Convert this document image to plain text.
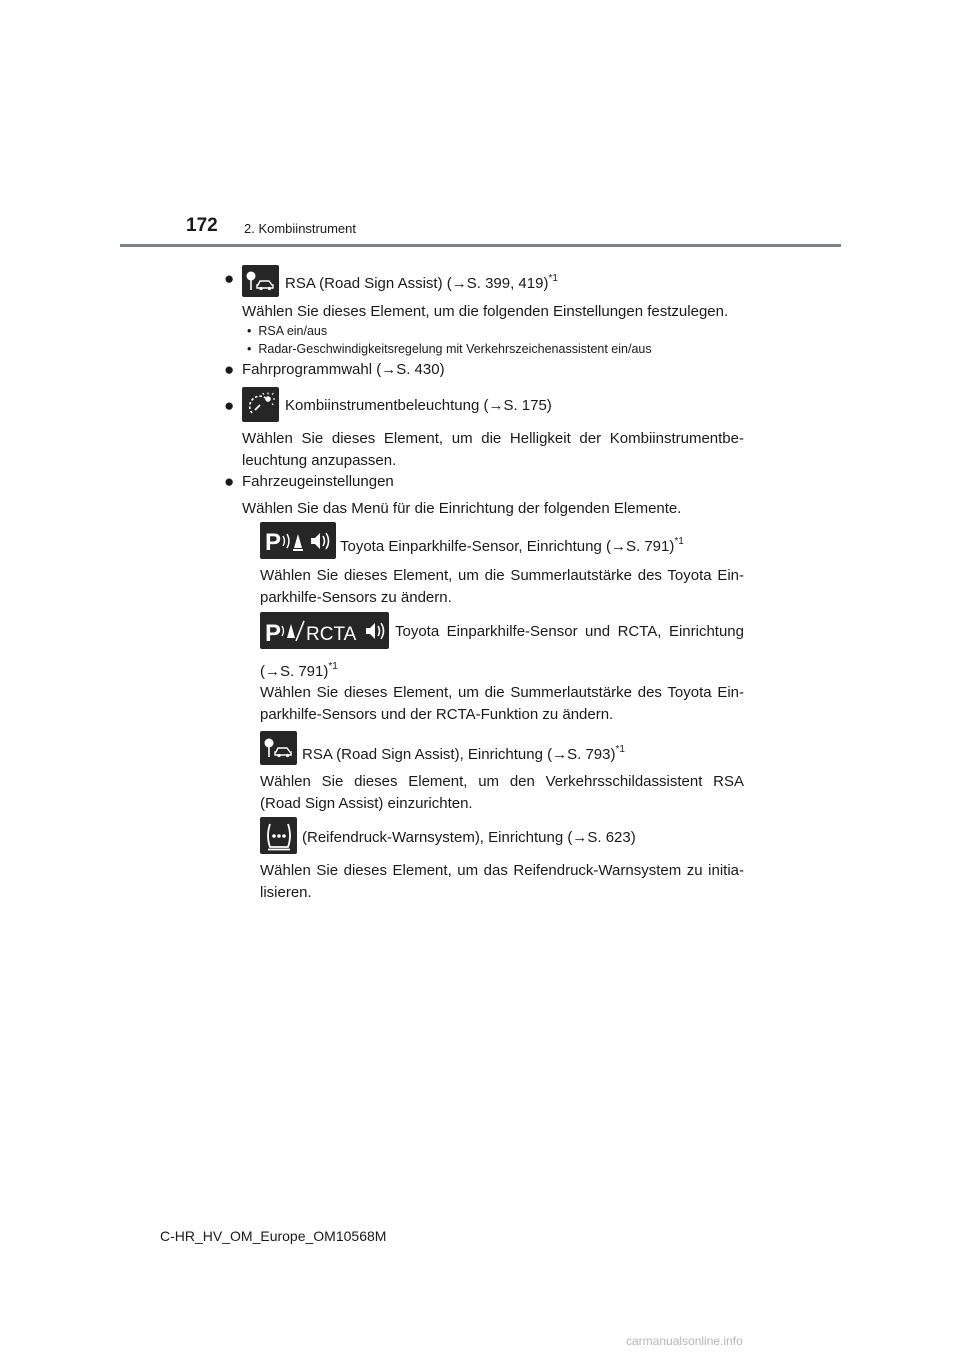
172 2. Kombiinstrument
●	RSA (Road Sign Assist) (→S. 399, 419)$^{*1}$
Wählen Sie dieses Element, um die folgenden Einstellungen festzulegen.
• RSA ein/aus
• Radar-Geschwindigkeitsregelung mit Verkehrszeichenassistent ein/aus
● Fahrprogrammwahl (→S. 430)
●	Kombiinstrumentbeleuchtung (→S. 175)
Wählen Sie dieses Element, um die Helligkeit der Kombiinstrumentbe-
leuchtung anzupassen.
● Fahrzeugeinstellungen
Wählen Sie das Menü für die Einrichtung der folgenden Elemente.
P	Toyota Einparkhilfe-Sensor, Einrichtung (→S. 791)$^{*1}$
Wählen Sie dieses Element, um die Summerlautstärke des Toyota Ein-
parkhilfe-Sensors zu ändern.
P RCTA	Toyota Einparkhilfe-Sensor und RCTA, Einrichtung
(→S. 791)$^{*1}$
Wählen Sie dieses Element, um die Summerlautstärke des Toyota Ein-
parkhilfe-Sensors und der RCTA-Funktion zu ändern.
RSA (Road Sign Assist), Einrichtung (→S. 793)$^{*1}$
Wählen Sie dieses Element, um den Verkehrsschildassistent RSA
(Road Sign Assist) einzurichten.
(Reifendruck-Warnsystem), Einrichtung (→S. 623)
Wählen Sie dieses Element, um das Reifendruck-Warnsystem zu initia-
lisieren.
C-HR_HV_OM_Europe_OM10568M
carmanualsonline.info
